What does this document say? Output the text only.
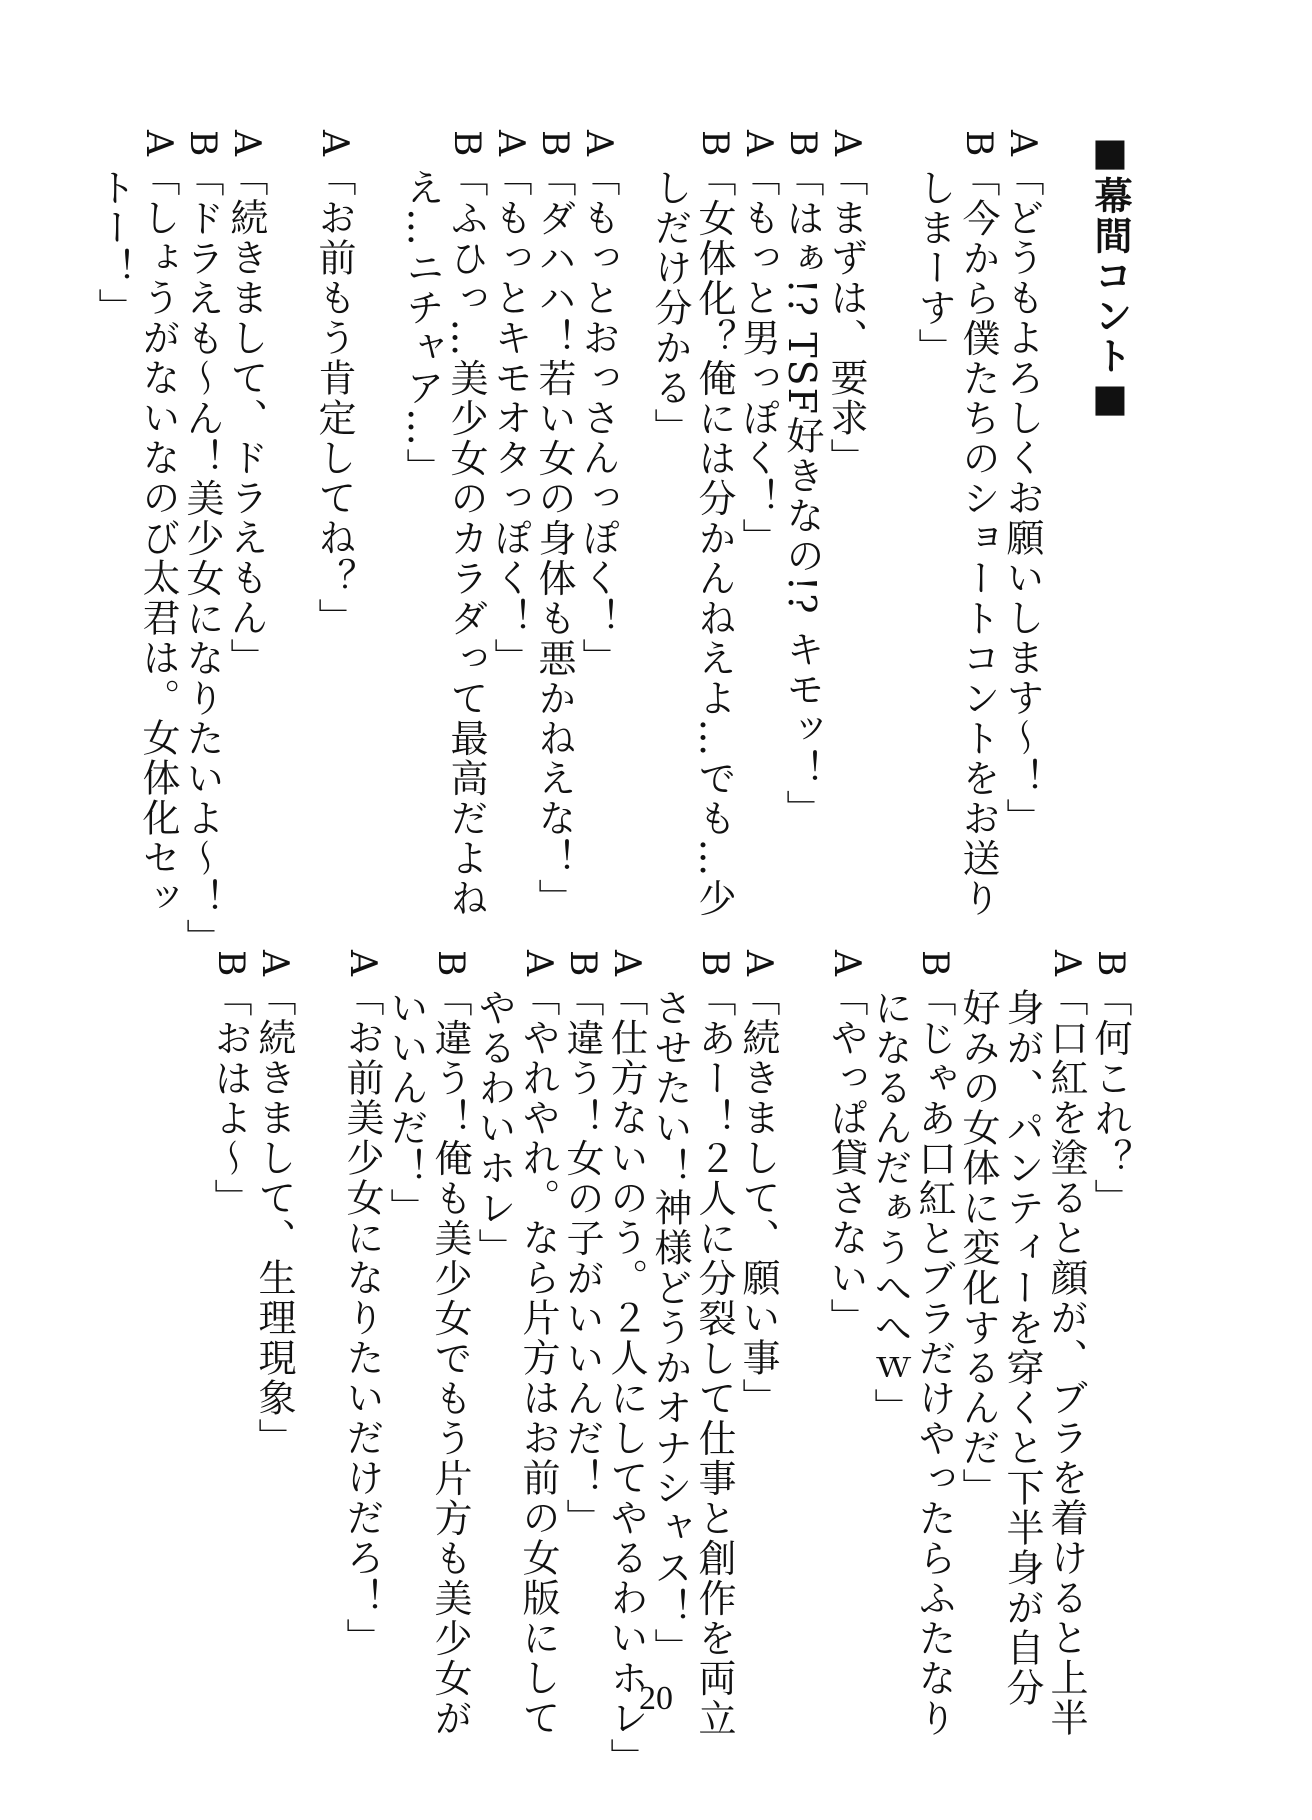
■幕間コント■
A「どうもよろしくお願いします〜！」
B「今から僕たちのショートコントをお送り
しまーす」
A「まずは、要求」
B「はぁ!? TSF好きなの!? キモッ！」
A「もっと男っぽく！」
B「女体化？俺には分かんねえよ…でも…少
しだけ分かる」
A「もっとおっさんっぽく！」
B「ダハハ！若い女の身体も悪かねえな！」
A「もっとキモオタっぽく！」
B「ふひっ…美少女のカラダって最高だよね
え…ニチャア…」
A「お前もう肯定してね？」
A「続きまして、ドラえもん」
B「ドラえも〜ん！美少女になりたいよ〜！」
A「しょうがないなのび太君は。女体化セッ
トー！」
B「何これ？」
A「口紅を塗ると顔が、ブラを着けると上半
身が、パンティーを穿くと下半身が自分
好みの女体に変化するんだ」
B「じゃあ口紅とブラだけやったらふたなり
になるんだぁうへへｗ」
A「やっぱ貸さない」
A「続きまして、願い事」
B「あー！２人に分裂して仕事と創作を両立
させたい！神様どうかオナシャス！」
A「仕方ないのう。２人にしてやるわいホレ」
B「違う！女の子がいいんだ！」
A「やれやれ。なら片方はお前の女版にして
やるわいホレ」
B「違う！俺も美少女でもう片方も美少女が
いいんだ！」
A「お前美少女になりたいだけだろ！」
A「続きまして、生理現象」
B「おはよ〜」
20
